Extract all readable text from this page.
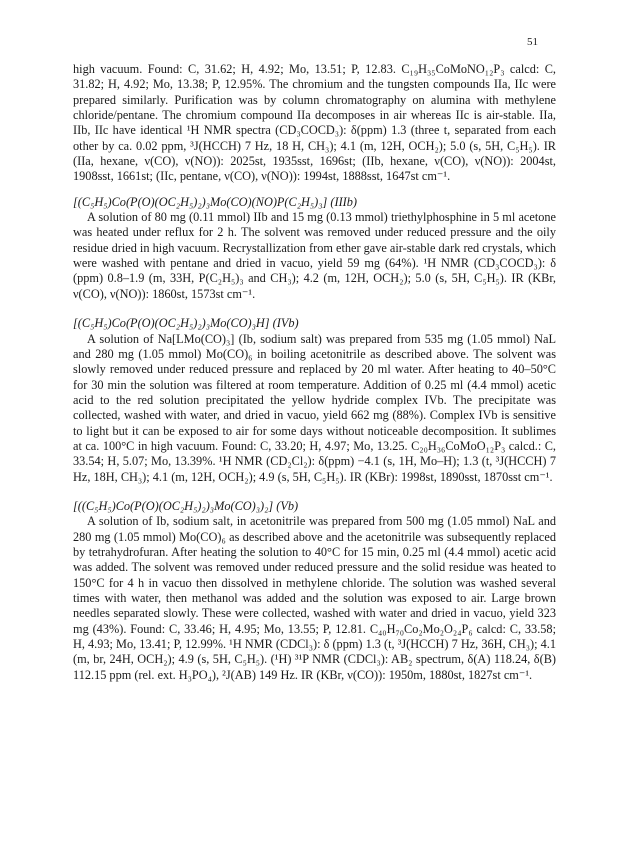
51

high vacuum. Found: C, 31.62; H, 4.92; Mo, 13.51; P, 12.83. C₁₉H₃₅CoMoNO₁₂P₃ calcd: C, 31.82; H, 4.92; Mo, 13.38; P, 12.95%. The chromium and the tungsten compounds IIa, IIc were prepared similarly. Purification was by column chromatography on alumina with methylene chloride/pentane. The chromium compound IIa decomposes in air whereas IIc is air-stable. IIa, IIb, IIc have identical ¹H NMR spectra (CD₃COCD₃): δ(ppm) 1.3 (three t, separated from each other by ca. 0.02 ppm, ³J(HCCH) 7 Hz, 18 H, CH₃); 4.1 (m, 12H, OCH₂); 5.0 (s, 5H, C₅H₅). IR (IIa, hexane, ν(CO), ν(NO)): 2025st, 1935sst, 1696st; (IIb, hexane, ν(CO), ν(NO)): 2004st, 1908sst, 1661st; (IIc, pentane, ν(CO), ν(NO)): 1994st, 1888sst, 1647st cm⁻¹.

[(C₅H₅)Co(P(O)(OC₂H₅)₂)₃Mo(CO)(NO)P(C₂H₅)₃] (IIIb)

A solution of 80 mg (0.11 mmol) IIb and 15 mg (0.13 mmol) triethylphosphine in 5 ml acetone was heated under reflux for 2 h. The solvent was removed under reduced pressure and the oily residue dried in high vacuum. Recrystallization from ether gave air-stable dark red crystals, which were washed with pentane and dried in vacuo, yield 59 mg (64%). ¹H NMR (CD₃COCD₃): δ (ppm) 0.8–1.9 (m, 33H, P(C₂H₅)₃ and CH₃); 4.2 (m, 12H, OCH₂); 5.0 (s, 5H, C₅H₅). IR (KBr, ν(CO), ν(NO)): 1860st, 1573st cm⁻¹.

[(C₅H₅)Co(P(O)(OC₂H₅)₂)₃Mo(CO)₃H] (IVb)

A solution of Na[LMo(CO)₃] (Ib, sodium salt) was prepared from 535 mg (1.05 mmol) NaL and 280 mg (1.05 mmol) Mo(CO)₆ in boiling acetonitrile as described above. The solvent was slowly removed under reduced pressure and replaced by 20 ml water. After heating to 40–50°C for 30 min the solution was filtered at room temperature. Addition of 0.25 ml (4.4 mmol) acetic acid to the red solution precipitated the yellow hydride complex IVb. The precipitate was collected, washed with water, and dried in vacuo, yield 662 mg (88%). Complex IVb is sensitive to light but it can be exposed to air for some days without noticeable decomposition. It sublimes at ca. 100°C in high vacuum. Found: C, 33.20; H, 4.97; Mo, 13.25. C₂₀H₃₆CoMoO₁₂P₃ calcd.: C, 33.54; H, 5.07; Mo, 13.39%. ¹H NMR (CD₂Cl₂): δ(ppm) −4.1 (s, 1H, Mo–H); 1.3 (t, ³J(HCCH) 7 Hz, 18H, CH₃); 4.1 (m, 12H, OCH₂); 4.9 (s, 5H, C₅H₅). IR (KBr): 1998st, 1890sst, 1870sst cm⁻¹.

[((C₅H₅)Co(P(O)(OC₂H₅)₂)₃Mo(CO)₃)₂] (Vb)

A solution of Ib, sodium salt, in acetonitrile was prepared from 500 mg (1.05 mmol) NaL and 280 mg (1.05 mmol) Mo(CO)₆ as described above and the acetonitrile was subsequently replaced by tetrahydrofuran. After heating the solution to 40°C for 15 min, 0.25 ml (4.4 mmol) acetic acid was added. The solvent was removed under reduced pressure and the solid residue was heated to 150°C for 4 h in vacuo then dissolved in methylene chloride. The solution was washed several times with water, then methanol was added and the solution was exposed to air. Large brown needles separated slowly. These were collected, washed with water and dried in vacuo, yield 323 mg (43%). Found: C, 33.46; H, 4.95; Mo, 13.55; P, 12.81. C₄₀H₇₀Co₂Mo₂O₂₄P₆ calcd: C, 33.58; H, 4.93; Mo, 13.41; P, 12.99%. ¹H NMR (CDCl₃): δ (ppm) 1.3 (t, ³J(HCCH) 7 Hz, 36H, CH₃); 4.1 (m, br, 24H, OCH₂); 4.9 (s, 5H, C₅H₅). (¹H) ³¹P NMR (CDCl₃): AB₂ spectrum, δ(A) 118.24, δ(B) 112.15 ppm (rel. ext. H₃PO₄), ²J(AB) 149 Hz. IR (KBr, ν(CO)): 1950m, 1880st, 1827st cm⁻¹.
